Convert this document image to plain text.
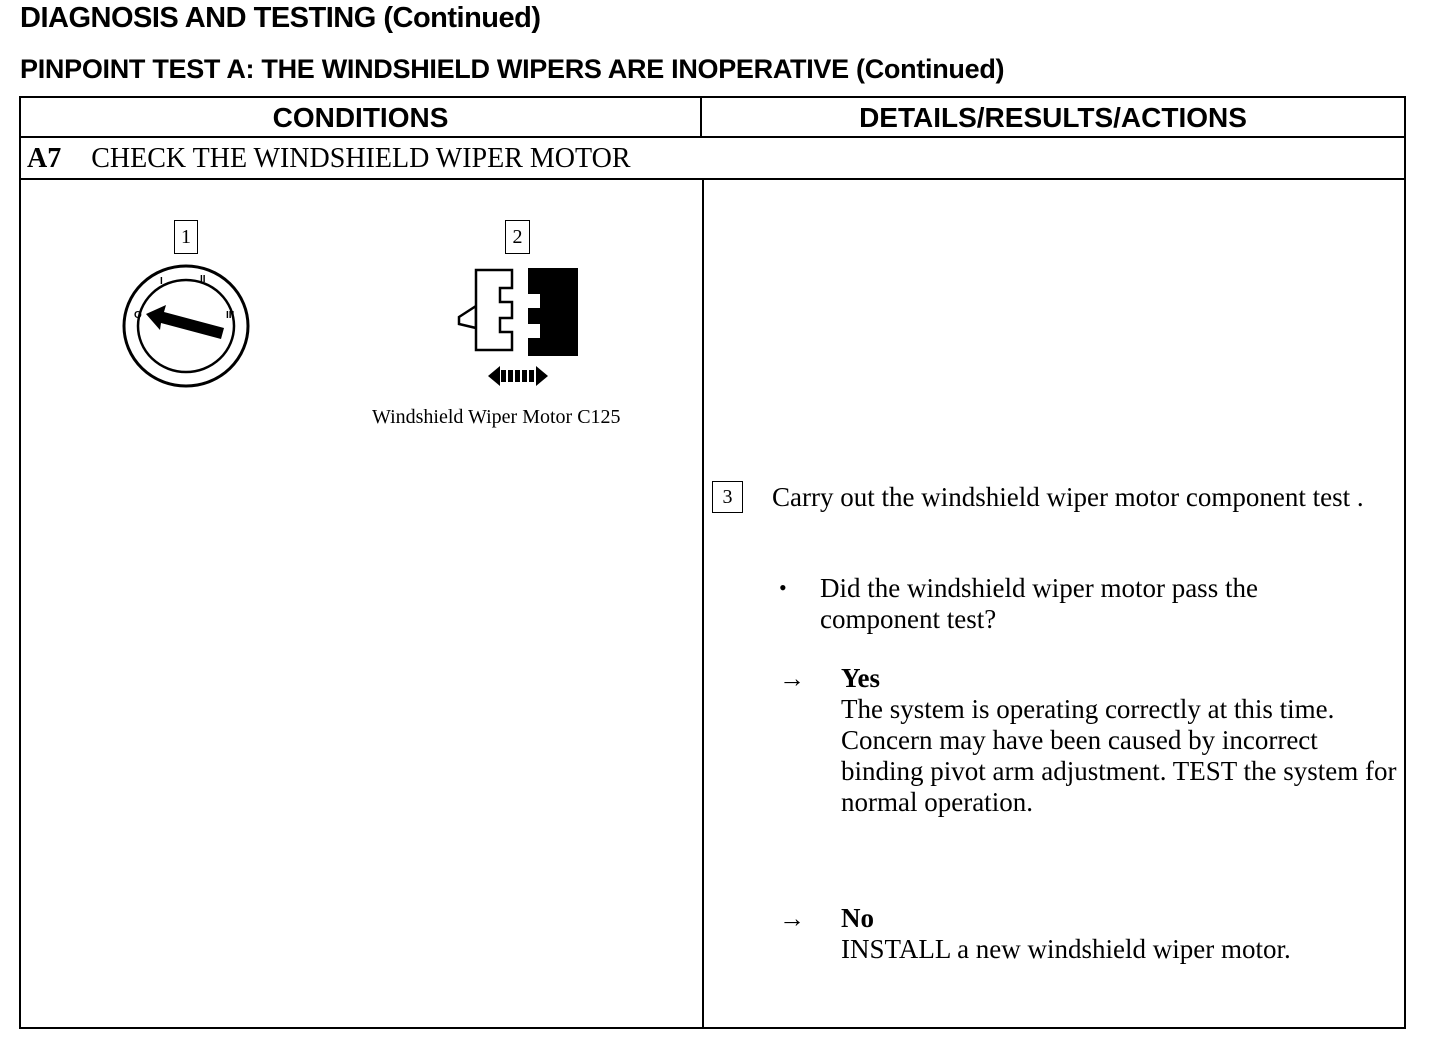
DIAGNOSIS AND TESTING (Continued)
PINPOINT TEST A: THE WINDSHIELD WIPERS ARE INOPERATIVE (Continued)
CONDITIONS	DETAILS/RESULTS/ACTIONS
A7 CHECK THE WINDSHIELD WIPER MOTOR
1
O
I	II
III
2
Windshield Wiper Motor C125
3	Carry out the windshield wiper motor component test .
• Did the windshield wiper motor pass the component test?
→ Yes
The system is operating correctly at this time. Concern may have been caused by incorrect binding pivot arm adjustment. TEST the system for normal operation.
→ No
INSTALL a new windshield wiper motor.
